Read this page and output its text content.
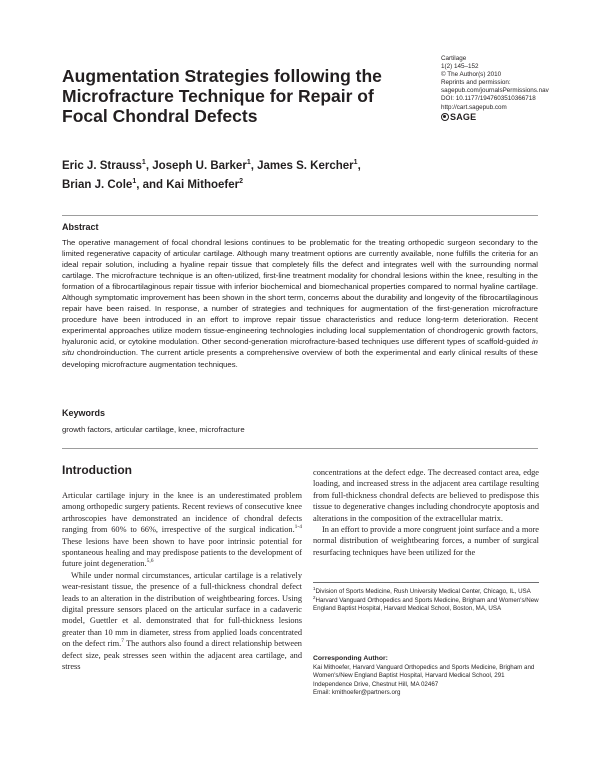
Augmentation Strategies following the Microfracture Technique for Repair of Focal Chondral Defects
Cartilage
1(2) 145–152
© The Author(s) 2010
Reprints and permission:
sagepub.com/journalsPermissions.nav
DOI: 10.1177/1947603510366718
http://cart.sagepub.com
SAGE
Eric J. Strauss$^1$, Joseph U. Barker$^1$, James S. Kercher$^1$,
Brian J. Cole$^1$, and Kai Mithoefer$^2$
Abstract

The operative management of focal chondral lesions continues to be problematic for the treating orthopedic surgeon secondary to the limited regenerative capacity of articular cartilage. Although many treatment options are currently available, none fulfills the criteria for an ideal repair solution, including a hyaline repair tissue that completely fills the defect and integrates well with the surrounding normal cartilage. The microfracture technique is an often-utilized, first-line treatment modality for chondral lesions within the knee, resulting in the formation of a fibrocartilaginous repair tissue with inferior biochemical and biomechanical properties compared to normal hyaline cartilage. Although symptomatic improvement has been shown in the short term, concerns about the durability and longevity of the fibrocartilaginous repair have been raised. In response, a number of strategies and techniques for augmentation of the first-generation microfracture procedure have been introduced in an effort to improve repair tissue characteristics and reduce long-term deterioration. Recent experimental approaches utilize modern tissue-engineering technologies including local supplementation of chondrogenic growth factors, hyaluronic acid, or cytokine modulation. Other second-generation microfracture-based techniques use different types of scaffold-guided in situ chondroinduction. The current article presents a comprehensive overview of both the experimental and early clinical results of these developing microfracture augmentation techniques.

Keywords
growth factors, articular cartilage, knee, microfracture
Introduction

Articular cartilage injury in the knee is an underestimated problem among orthopedic surgery patients. Recent reviews of consecutive knee arthroscopies have demonstrated an incidence of chondral defects ranging from 60% to 66%, irrespective of the surgical indication.$^{1-4}$ These lesions have been shown to have poor intrinsic potential for spontaneous healing and may predispose patients to the development of future joint degeneration.$^{5,6}$

While under normal circumstances, articular cartilage is a relatively wear-resistant tissue, the presence of a full-thickness chondral defect leads to an alteration in the distribution of weightbearing forces. Using digital pressure sensors placed on the articular surface in a cadaveric model, Guettler et al. demonstrated that for full-thickness lesions greater than 10 mm in diameter, stress from applied loads concentrated on the defect rim.$^7$ The authors also found a direct relationship between defect size, peak stresses seen within the adjacent area cartilage, and stress

concentrations at the defect edge. The decreased contact area, edge loading, and increased stress in the adjacent area cartilage resulting from full-thickness chondral defects are believed to predispose this tissue to degenerative changes including chondrocyte apoptosis and alterations in the composition of the extracellular matrix.

In an effort to provide a more congruent joint surface and a more normal distribution of weightbearing forces, a number of surgical resurfacing techniques have been utilized for the

$^1$Division of Sports Medicine, Rush University Medical Center, Chicago, IL, USA

$^2$Harvard Vanguard Orthopedics and Sports Medicine, Brigham and Women's/New England Baptist Hospital, Harvard Medical School, Boston, MA, USA

Corresponding Author:

Kai Mithoefer, Harvard Vanguard Orthopedics and Sports Medicine, Brigham and Women's/New England Baptist Hospital, Harvard Medical School, 291 Independence Drive, Chestnut Hill, MA 02467

Email: kmithoefer@partners.org
